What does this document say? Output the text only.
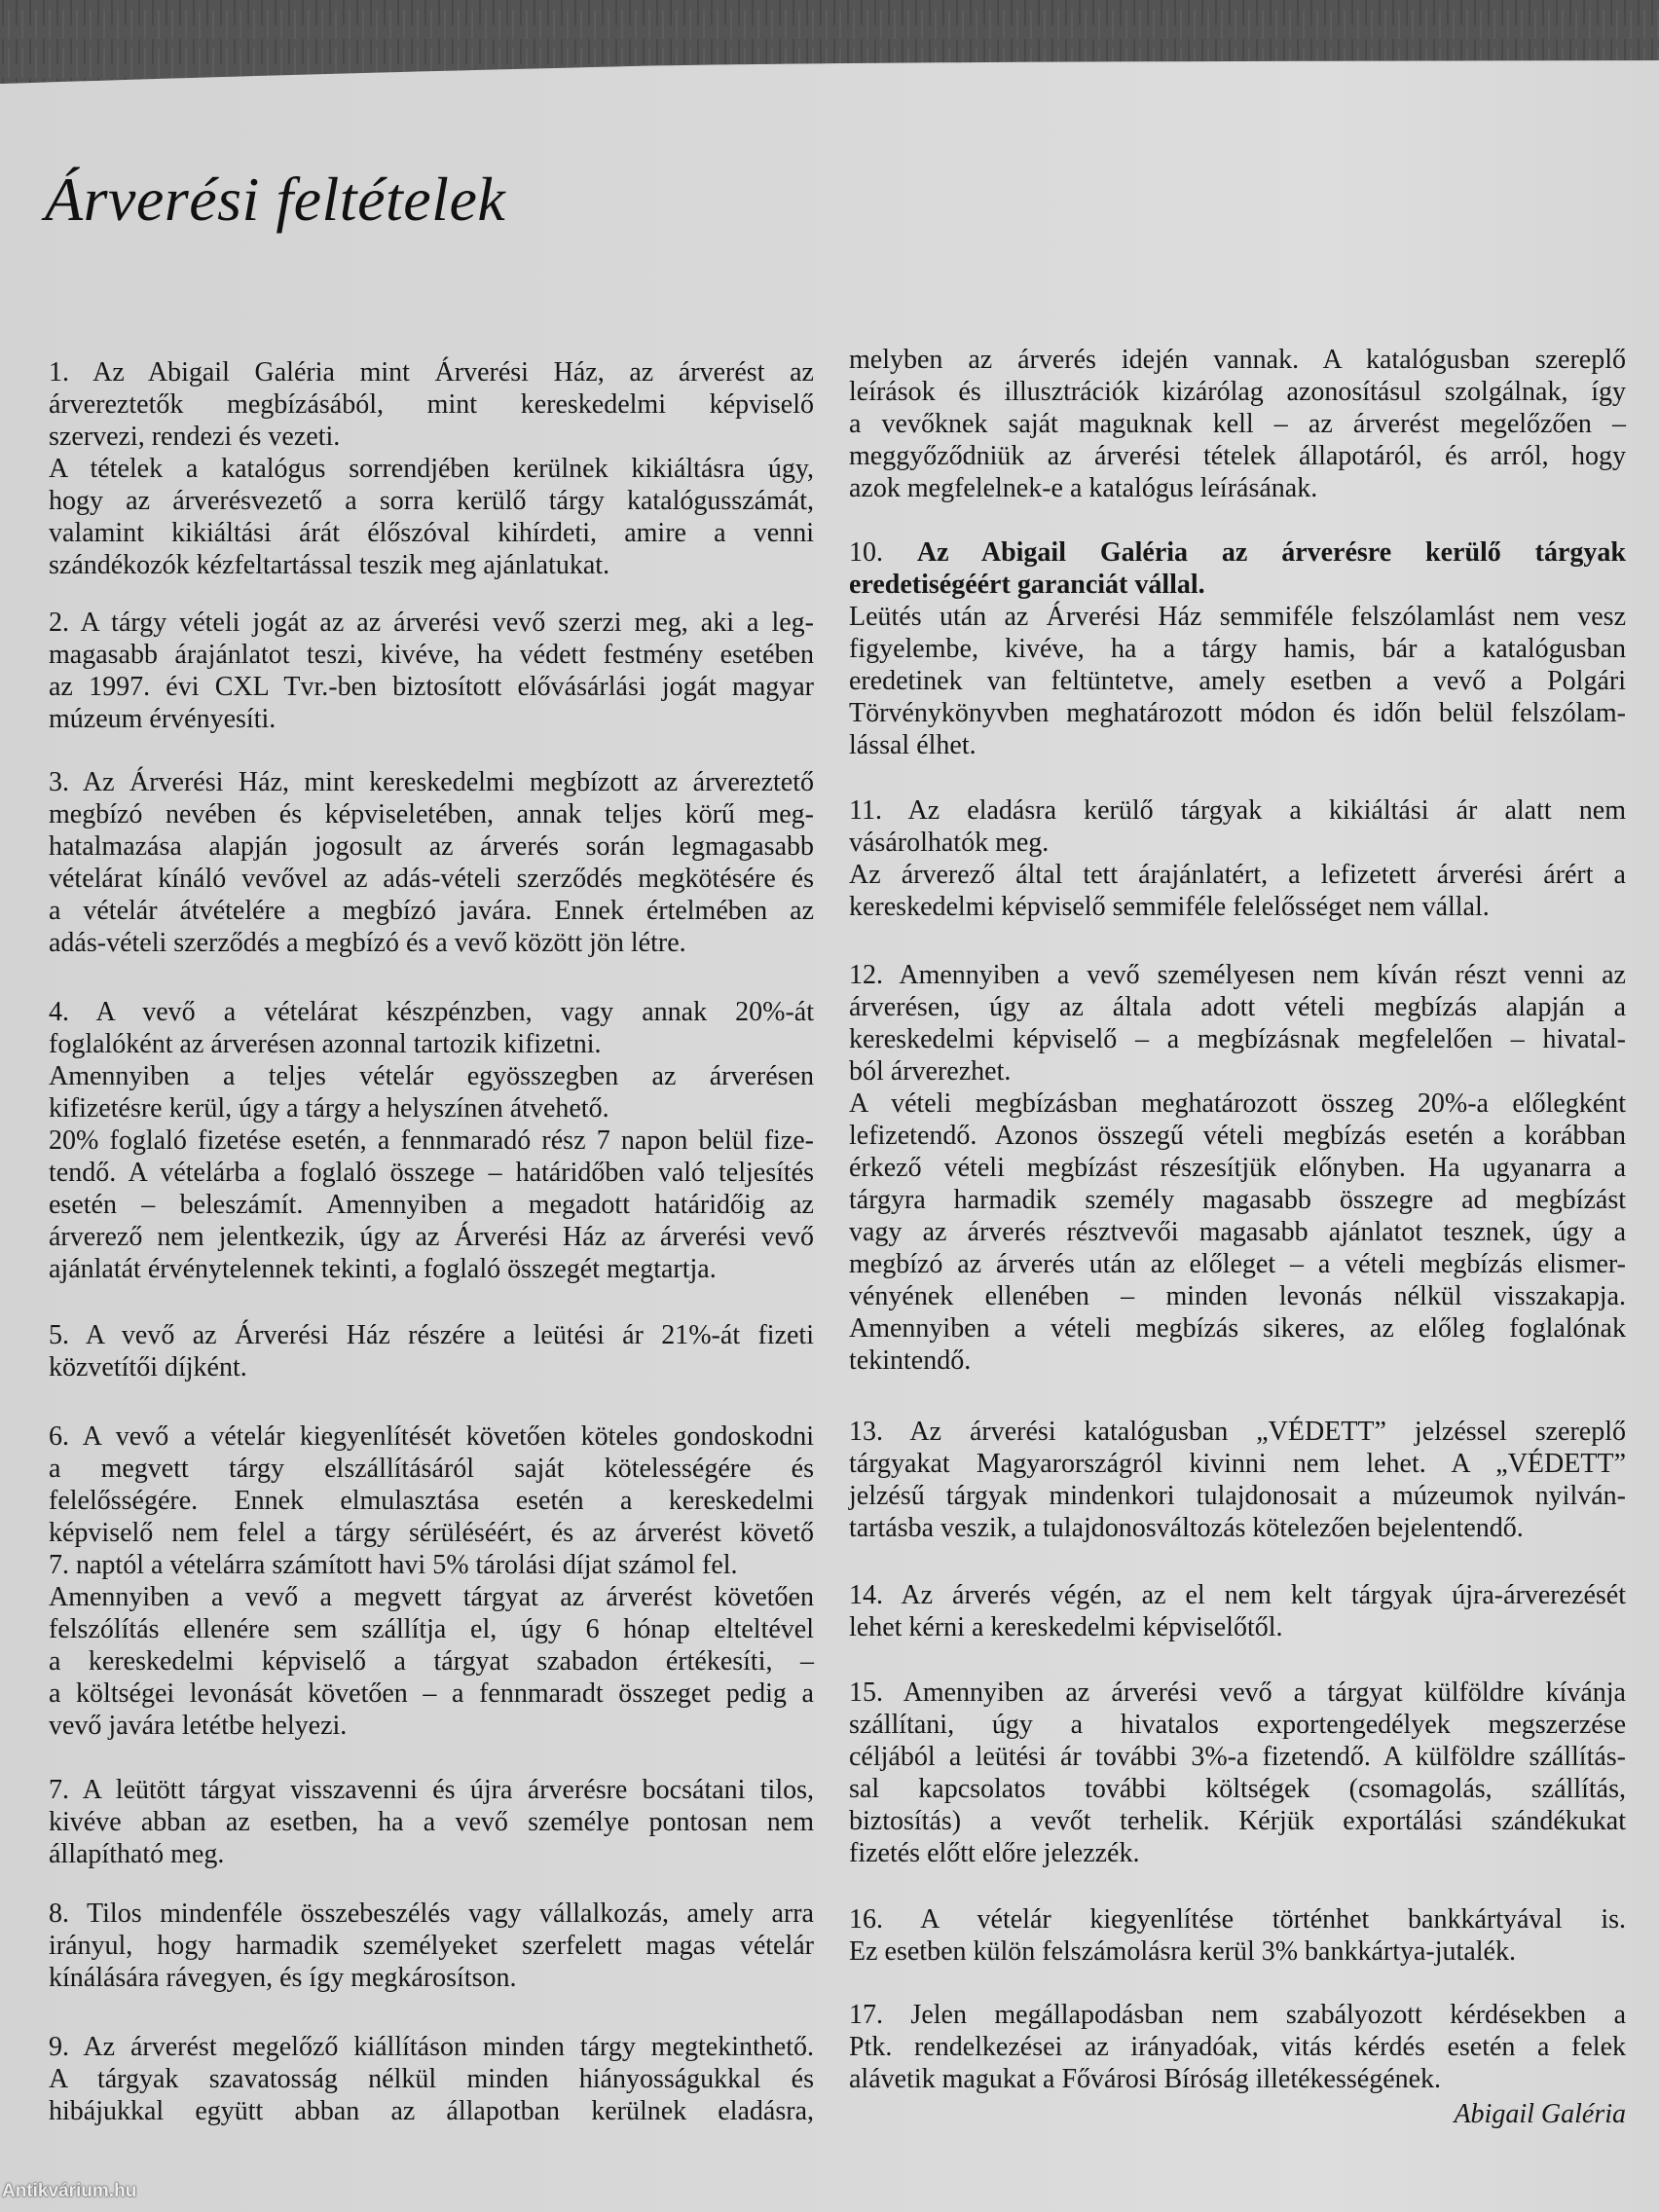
Árverési feltételek
1. Az Abigail Galéria mint Árverési Ház, az árverést az
árvereztetők megbízásából, mint kereskedelmi képviselő
szervezi, rendezi és vezeti.
A tételek a katalógus sorrendjében kerülnek kikiáltásra úgy,
hogy az árverésvezető a sorra kerülő tárgy katalógusszámát,
valamint kikiáltási árát élőszóval kihírdeti, amire a venni
szándékozók kézfeltartással teszik meg ajánlatukat.
2. A tárgy vételi jogát az az árverési vevő szerzi meg, aki a leg-
magasabb árajánlatot teszi, kivéve, ha védett festmény esetében
az 1997. évi CXL Tvr.-ben biztosított elővásárlási jogát magyar
múzeum érvényesíti.
3. Az Árverési Ház, mint kereskedelmi megbízott az árvereztető
megbízó nevében és képviseletében, annak teljes körű meg-
hatalmazása alapján jogosult az árverés során legmagasabb
vételárat kínáló vevővel az adás-vételi szerződés megkötésére és
a vételár átvételére a megbízó javára. Ennek értelmében az
adás-vételi szerződés a megbízó és a vevő között jön létre.
4. A vevő a vételárat készpénzben, vagy annak 20%-át
foglalóként az árverésen azonnal tartozik kifizetni.
Amennyiben a teljes vételár egyösszegben az árverésen
kifizetésre kerül, úgy a tárgy a helyszínen átvehető.
20% foglaló fizetése esetén, a fennmaradó rész 7 napon belül fize-
tendő. A vételárba a foglaló összege – határidőben való teljesítés
esetén – beleszámít. Amennyiben a megadott határidőig az
árverező nem jelentkezik, úgy az Árverési Ház az árverési vevő
ajánlatát érvénytelennek tekinti, a foglaló összegét megtartja.
5. A vevő az Árverési Ház részére a leütési ár 21%-át fizeti
közvetítői díjként.
6. A vevő a vételár kiegyenlítését követően köteles gondoskodni
a megvett tárgy elszállításáról saját kötelességére és
felelősségére. Ennek elmulasztása esetén a kereskedelmi
képviselő nem felel a tárgy sérüléséért, és az árverést követő
7. naptól a vételárra számított havi 5% tárolási díjat számol fel.
Amennyiben a vevő a megvett tárgyat az árverést követően
felszólítás ellenére sem szállítja el, úgy 6 hónap elteltével
a kereskedelmi képviselő a tárgyat szabadon értékesíti, –
a költségei levonását követően – a fennmaradt összeget pedig a
vevő javára letétbe helyezi.
7. A leütött tárgyat visszavenni és újra árverésre bocsátani tilos,
kivéve abban az esetben, ha a vevő személye pontosan nem
állapítható meg.
8. Tilos mindenféle összebeszélés vagy vállalkozás, amely arra
irányul, hogy harmadik személyeket szerfelett magas vételár
kínálására rávegyen, és így megkárosítson.
9. Az árverést megelőző kiállításon minden tárgy megtekinthető.
A tárgyak szavatosság nélkül minden hiányosságukkal és
hibájukkal együtt abban az állapotban kerülnek eladásra,
melyben az árverés idején vannak. A katalógusban szereplő
leírások és illusztrációk kizárólag azonosításul szolgálnak, így
a vevőknek saját maguknak kell – az árverést megelőzően –
meggyőződniük az árverési tételek állapotáról, és arról, hogy
azok megfelelnek-e a katalógus leírásának.
10. Az Abigail Galéria az árverésre kerülő tárgyak
eredetiségéért garanciát vállal.
Leütés után az Árverési Ház semmiféle felszólamlást nem vesz
figyelembe, kivéve, ha a tárgy hamis, bár a katalógusban
eredetinek van feltüntetve, amely esetben a vevő a Polgári
Törvénykönyvben meghatározott módon és időn belül felszólam-
lással élhet.
11. Az eladásra kerülő tárgyak a kikiáltási ár alatt nem
vásárolhatók meg.
Az árverező által tett árajánlatért, a lefizetett árverési árért a
kereskedelmi képviselő semmiféle felelősséget nem vállal.
12. Amennyiben a vevő személyesen nem kíván részt venni az
árverésen, úgy az általa adott vételi megbízás alapján a
kereskedelmi képviselő – a megbízásnak megfelelően – hivatal-
ból árverezhet.
A vételi megbízásban meghatározott összeg 20%-a előlegként
lefizetendő. Azonos összegű vételi megbízás esetén a korábban
érkező vételi megbízást részesítjük előnyben. Ha ugyanarra a
tárgyra harmadik személy magasabb összegre ad megbízást
vagy az árverés résztvevői magasabb ajánlatot tesznek, úgy a
megbízó az árverés után az előleget – a vételi megbízás elismer-
vényének ellenében – minden levonás nélkül visszakapja.
Amennyiben a vételi megbízás sikeres, az előleg foglalónak
tekintendő.
13. Az árverési katalógusban „VÉDETT” jelzéssel szereplő
tárgyakat Magyarországról kivinni nem lehet. A „VÉDETT”
jelzésű tárgyak mindenkori tulajdonosait a múzeumok nyilván-
tartásba veszik, a tulajdonosváltozás kötelezően bejelentendő.
14. Az árverés végén, az el nem kelt tárgyak újra-árverezését
lehet kérni a kereskedelmi képviselőtől.
15. Amennyiben az árverési vevő a tárgyat külföldre kívánja
szállítani, úgy a hivatalos exportengedélyek megszerzése
céljából a leütési ár további 3%-a fizetendő. A külföldre szállítás-
sal kapcsolatos további költségek (csomagolás, szállítás,
biztosítás) a vevőt terhelik. Kérjük exportálási szándékukat
fizetés előtt előre jelezzék.
16. A vételár kiegyenlítése történhet bankkártyával is.
Ez esetben külön felszámolásra kerül 3% bankkártya-jutalék.
17. Jelen megállapodásban nem szabályozott kérdésekben a
Ptk. rendelkezései az irányadóak, vitás kérdés esetén a felek
alávetik magukat a Fővárosi Bíróság illetékességének.
Abigail Galéria
Antikvárium.hu
